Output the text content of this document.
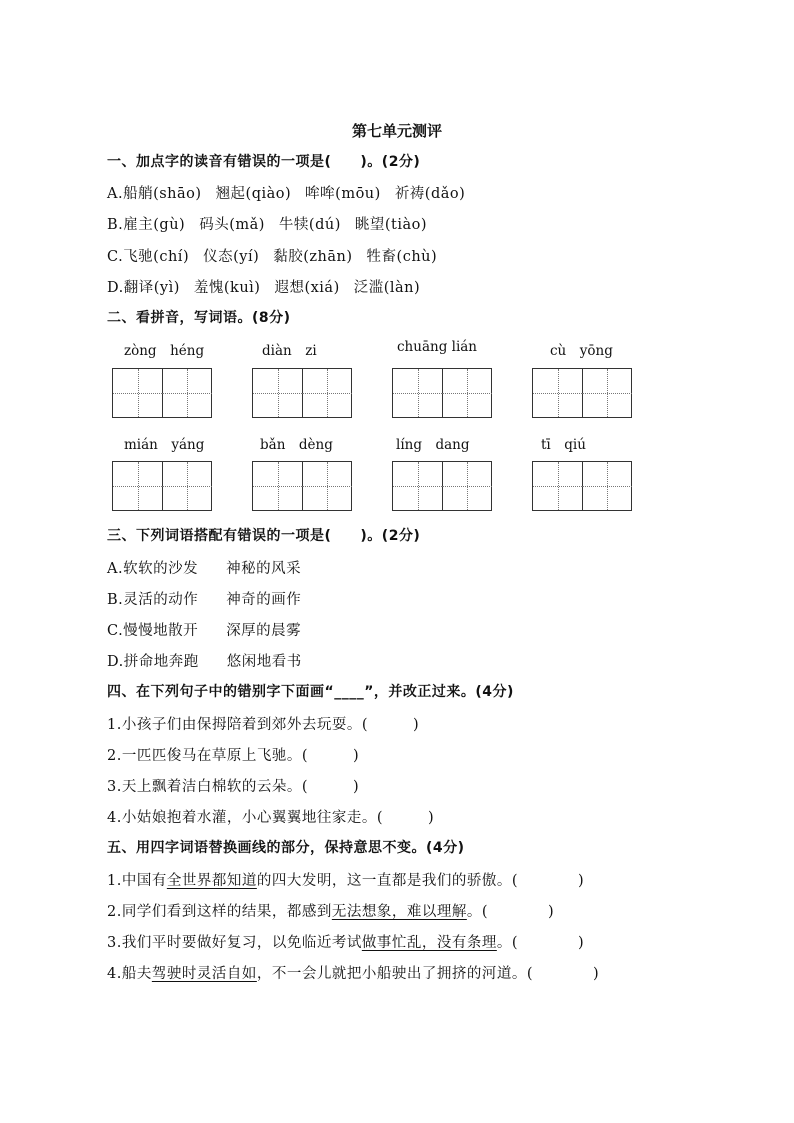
第七单元测评
一、加点字的读音有错误的一项是(　　)。(2分)
A.船艄(shāo) 翘起(qiào) 哞哞(mōu) 祈祷(dǎo)
B.雇主(gù) 码头(mǎ) 牛犊(dú) 眺望(tiào)
C.飞驰(chí) 仪态(yí) 黏胶(zhān) 牲畜(chù)
D.翻译(yì) 羞愧(kuì) 遐想(xiá) 泛滥(làn)
二、看拼音，写词语。(8分)
zòng　héng	diàn　zi	chuāng lián	cù　yōng
mián　yáng	bǎn　dèng	líng　dang	tī　qiú
三、下列词语搭配有错误的一项是(　　)。(2分)
A.软软的沙发 神秘的风采
B.灵活的动作 神奇的画作
C.慢慢地散开 深厚的晨雾
D.拼命地奔跑 悠闲地看书
四、在下列句子中的错别字下面画“____”，并改正过来。(4分)
1.小孩子们由保拇陪着到郊外去玩耍。(　　　)
2.一匹匹俊马在草原上飞驰。(　　　)
3.天上飘着洁白棉软的云朵。(　　　)
4.小姑娘抱着水灌，小心翼翼地往家走。(　　　)
五、用四字词语替换画线的部分，保持意思不变。(4分)
1.中国有全世界都知道的四大发明，这一直都是我们的骄傲。(　　　　)
2.同学们看到这样的结果，都感到无法想象，难以理解。(　　　　)
3.我们平时要做好复习，以免临近考试做事忙乱，没有条理。(　　　　)
4.船夫驾驶时灵活自如，不一会儿就把小船驶出了拥挤的河道。(　　　　)
